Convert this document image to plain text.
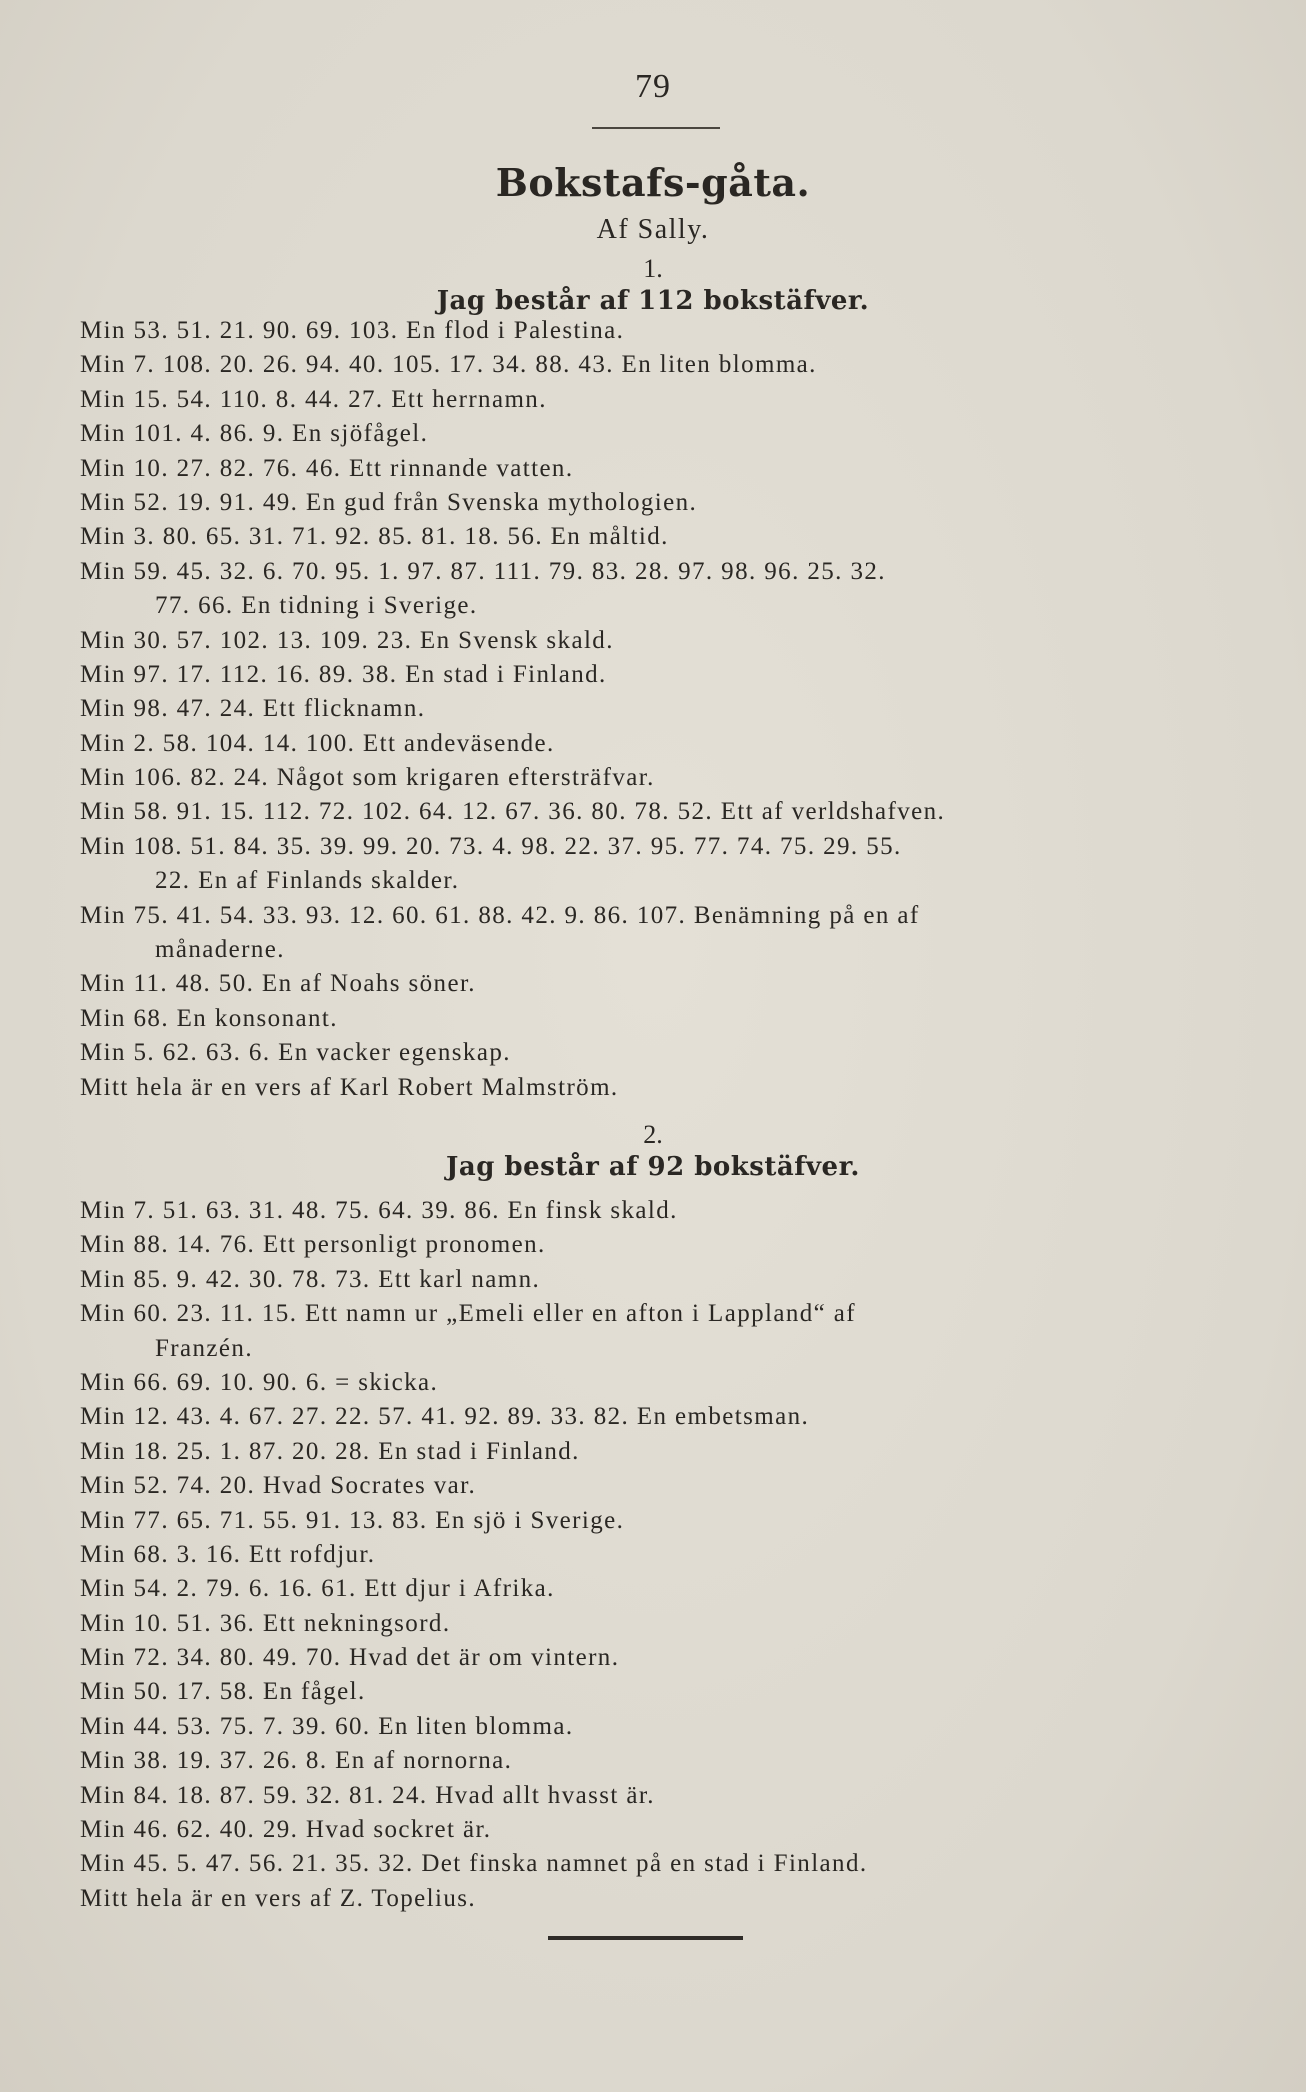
79
Bokstafs-gåta.
Af Sally.
1.
Jag består af 112 bokstäfver.
Min 53. 51. 21. 90. 69. 103. En flod i Palestina.
Min 7. 108. 20. 26. 94. 40. 105. 17. 34. 88. 43. En liten blomma.
Min 15. 54. 110. 8. 44. 27. Ett herrnamn.
Min 101. 4. 86. 9. En sjöfågel.
Min 10. 27. 82. 76. 46. Ett rinnande vatten.
Min 52. 19. 91. 49. En gud från Svenska mythologien.
Min 3. 80. 65. 31. 71. 92. 85. 81. 18. 56. En måltid.
Min 59. 45. 32. 6. 70. 95. 1. 97. 87. 111. 79. 83. 28. 97. 98. 96. 25. 32.
77. 66. En tidning i Sverige.
Min 30. 57. 102. 13. 109. 23. En Svensk skald.
Min 97. 17. 112. 16. 89. 38. En stad i Finland.
Min 98. 47. 24. Ett flicknamn.
Min 2. 58. 104. 14. 100. Ett andeväsende.
Min 106. 82. 24. Något som krigaren eftersträfvar.
Min 58. 91. 15. 112. 72. 102. 64. 12. 67. 36. 80. 78. 52. Ett af verldshafven.
Min 108. 51. 84. 35. 39. 99. 20. 73. 4. 98. 22. 37. 95. 77. 74. 75. 29. 55.
22. En af Finlands skalder.
Min 75. 41. 54. 33. 93. 12. 60. 61. 88. 42. 9. 86. 107. Benämning på en af
månaderne.
Min 11. 48. 50. En af Noahs söner.
Min 68. En konsonant.
Min 5. 62. 63. 6. En vacker egenskap.
Mitt hela är en vers af Karl Robert Malmström.
2.
Jag består af 92 bokstäfver.
Min 7. 51. 63. 31. 48. 75. 64. 39. 86. En finsk skald.
Min 88. 14. 76. Ett personligt pronomen.
Min 85. 9. 42. 30. 78. 73. Ett karl namn.
Min 60. 23. 11. 15. Ett namn ur „Emeli eller en afton i Lappland“ af
Franzén.
Min 66. 69. 10. 90. 6. = skicka.
Min 12. 43. 4. 67. 27. 22. 57. 41. 92. 89. 33. 82. En embetsman.
Min 18. 25. 1. 87. 20. 28. En stad i Finland.
Min 52. 74. 20. Hvad Socrates var.
Min 77. 65. 71. 55. 91. 13. 83. En sjö i Sverige.
Min 68. 3. 16. Ett rofdjur.
Min 54. 2. 79. 6. 16. 61. Ett djur i Afrika.
Min 10. 51. 36. Ett nekningsord.
Min 72. 34. 80. 49. 70. Hvad det är om vintern.
Min 50. 17. 58. En fågel.
Min 44. 53. 75. 7. 39. 60. En liten blomma.
Min 38. 19. 37. 26. 8. En af nornorna.
Min 84. 18. 87. 59. 32. 81. 24. Hvad allt hvasst är.
Min 46. 62. 40. 29. Hvad sockret är.
Min 45. 5. 47. 56. 21. 35. 32. Det finska namnet på en stad i Finland.
Mitt hela är en vers af Z. Topelius.
